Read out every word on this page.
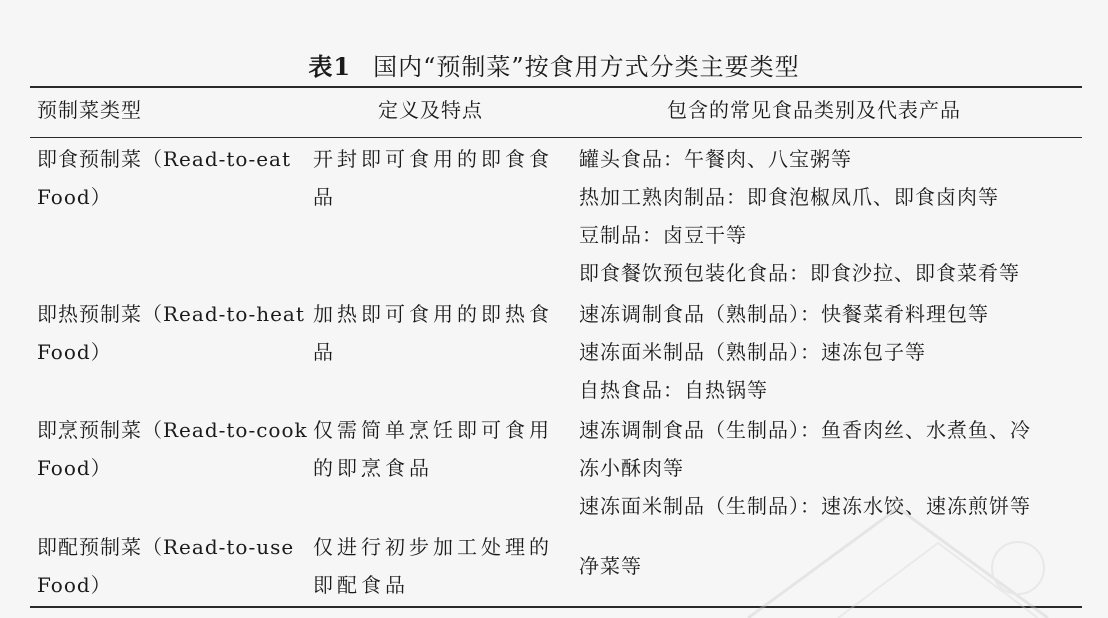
表1 国内“预制菜”按食用方式分类主要类型
预制菜类型	定义及特点	包含的常见食品类别及代表产品
即食预制菜（Read-to-eat
Food）
开封即可食用的即食食
品
罐头食品：午餐肉、八宝粥等
热加工熟肉制品：即食泡椒凤爪、即食卤肉等
豆制品：卤豆干等
即食餐饮预包装化食品：即食沙拉、即食菜肴等
即热预制菜（Read-to-heat
Food）
加热即可食用的即热食
品
速冻调制食品（熟制品）：快餐菜肴料理包等
速冻面米制品（熟制品）：速冻包子等
自热食品：自热锅等
即烹预制菜（Read-to-cook
Food）
仅需简单烹饪即可食用
的即烹食品
速冻调制食品（生制品）：鱼香肉丝、水煮鱼、冷
冻小酥肉等
速冻面米制品（生制品）：速冻水饺、速冻煎饼等
即配预制菜（Read-to-use
Food）
仅进行初步加工处理的
即配食品
净菜等
